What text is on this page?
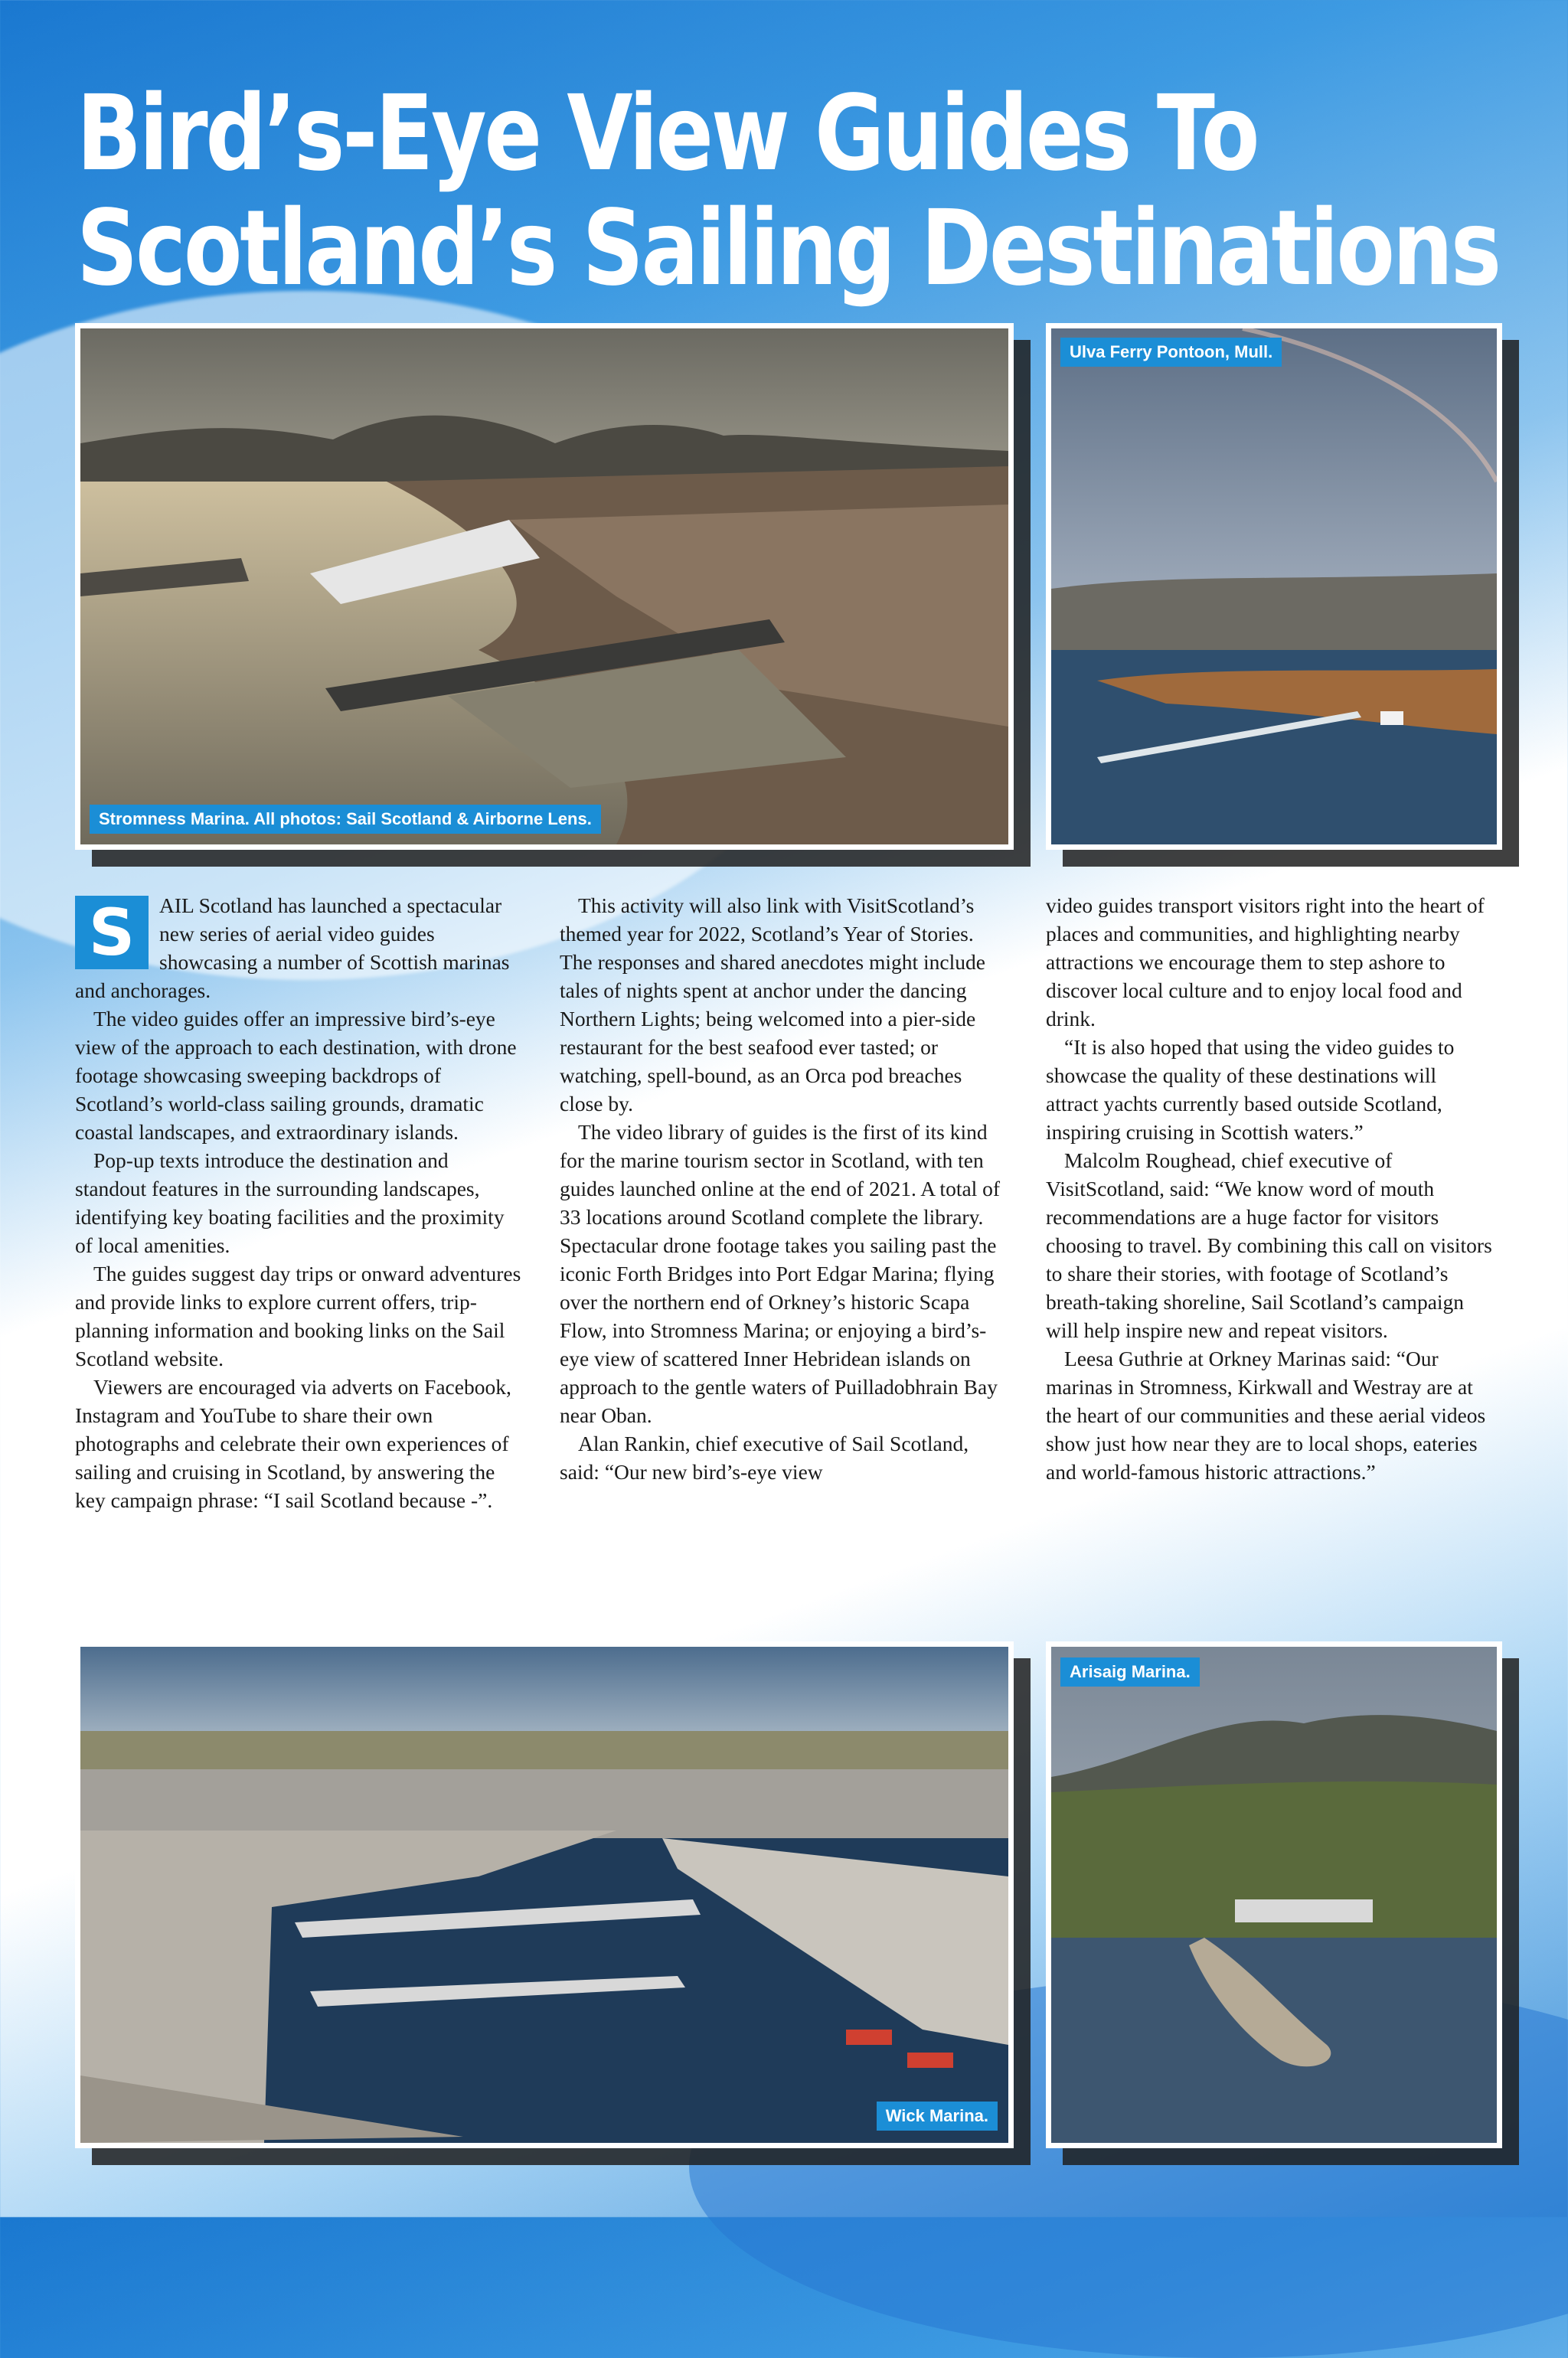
Bird’s-Eye View Guides To
Scotland’s Sailing Destinations
Stromness Marina. All photos: Sail Scotland & Airborne Lens.
Ulva Ferry Pontoon, Mull.
S	AIL Scotland has launched a spectacular new series of aerial video guides showcasing a number of Scottish marinas and anchorages.

The video guides offer an impressive bird’s-eye view of the approach to each destination, with drone footage showcasing sweeping backdrops of Scotland’s world-class sailing grounds, dramatic coastal landscapes, and extraordinary islands.

Pop-up texts introduce the destination and standout features in the surrounding landscapes, identifying key boating facilities and the proximity of local amenities.

The guides suggest day trips or onward adventures and provide links to explore current offers, trip-planning information and booking links on the Sail Scotland website.

Viewers are encouraged via adverts on Facebook, Instagram and YouTube to share their own photographs and celebrate their own experiences of sailing and cruising in Scotland, by answering the key campaign phrase: “I sail Scotland because -”.

This activity will also link with VisitScotland’s themed year for 2022, Scotland’s Year of Stories. The responses and shared anecdotes might include tales of nights spent at anchor under the dancing Northern Lights; being welcomed into a pier-side restaurant for the best seafood ever tasted; or watching, spell-bound, as an Orca pod breaches close by.

The video library of guides is the first of its kind for the marine tourism sector in Scotland, with ten guides launched online at the end of 2021. A total of 33 locations around Scotland complete the library. Spectacular drone footage takes you sailing past the iconic Forth Bridges into Port Edgar Marina; flying over the northern end of Orkney’s historic Scapa Flow, into Stromness Marina; or enjoying a bird’s-eye view of scattered Inner Hebridean islands on approach to the gentle waters of Puilladobhrain Bay near Oban.

Alan Rankin, chief executive of Sail Scotland, said: “Our new bird’s-eye view

video guides transport visitors right into the heart of places and communities, and highlighting nearby attractions we encourage them to step ashore to discover local culture and to enjoy local food and drink.

“It is also hoped that using the video guides to showcase the quality of these destinations will attract yachts currently based outside Scotland, inspiring cruising in Scottish waters.”

Malcolm Roughead, chief executive of VisitScotland, said: “We know word of mouth recommendations are a huge factor for visitors choosing to travel. By combining this call on visitors to share their stories, with footage of Scotland’s breath-taking shoreline, Sail Scotland’s campaign will help inspire new and repeat visitors.

Leesa Guthrie at Orkney Marinas said: “Our marinas in Stromness, Kirkwall and Westray are at the heart of our communities and these aerial videos show just how near they are to local shops, eateries and world-famous historic attractions.”

Wick Marina.
Arisaig Marina.
